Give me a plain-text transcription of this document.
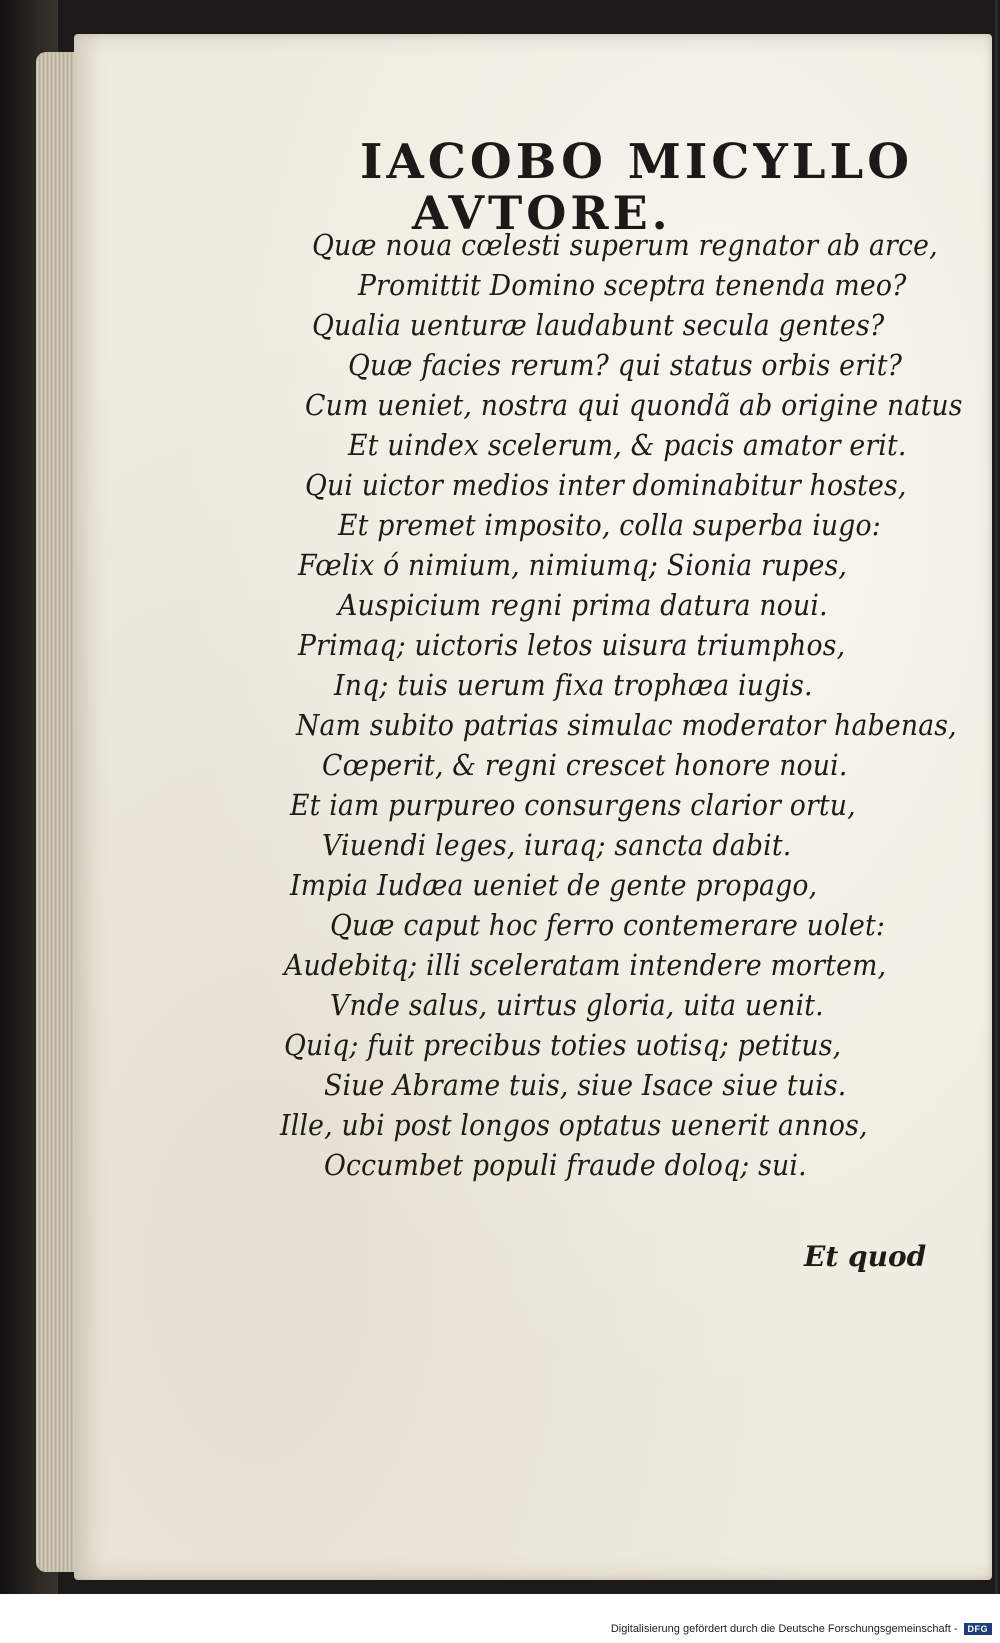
IACOBO MICYLLO
AVTORE.
Quæ noua cœlesti superum regnator ab arce,
Promittit Domino sceptra tenenda meo?
Qualia uenturæ laudabunt secula gentes?
Quæ facies rerum? qui status orbis erit?
Cum ueniet, nostra qui quondã ab origine natus
Et uindex scelerum, & pacis amator erit.
Qui uictor medios inter dominabitur hostes,
Et premet imposito, colla superba iugo:
Fœlix ó nimium, nimiumq; Sionia rupes,
Auspicium regni prima datura noui.
Primaq; uictoris letos uisura triumphos,
Inq; tuis uerum fixa trophæa iugis.
Nam subito patrias simulac moderator habenas,
Cœperit, & regni crescet honore noui.
Et iam purpureo consurgens clarior ortu,
Viuendi leges, iuraq; sancta dabit.
Impia Iudæa ueniet de gente propago,
Quæ caput hoc ferro contemerare uolet:
Audebitq; illi sceleratam intendere mortem,
Vnde salus, uirtus gloria, uita uenit.
Quiq; fuit precibus toties uotisq; petitus,
Siue Abrame tuis, siue Isace siue tuis.
Ille, ubi post longos optatus uenerit annos,
Occumbet populi fraude doloq; sui.
Et quod
Digitalisierung gefördert durch die Deutsche Forschungsgemeinschaft -	DFG
